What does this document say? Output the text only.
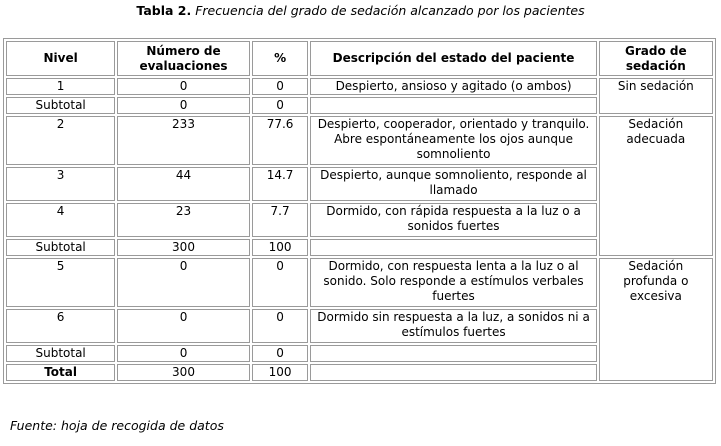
Tabla 2. Frecuencia del grado de sedación alcanzado por los pacientes
Nivel	Número de evaluaciones	%	Descripción del estado del paciente	Grado de sedación
1	0	0	Despierto, ansioso y agitado (o ambos)	Sin sedación
Subtotal	0	0		
2	233	77.6	Despierto, cooperador, orientado y tranquilo. Abre espontáneamente los ojos aunque somnoliento	Sedación adecuada
3	44	14.7	Despierto, aunque somnoliento, responde al llamado	
4	23	7.7	Dormido, con rápida respuesta a la luz o a sonidos fuertes	
Subtotal	300	100		
5	0	0	Dormido, con respuesta lenta a la luz o al sonido. Solo responde a estímulos verbales fuertes	Sedación profunda o excesiva
6	0	0	Dormido sin respuesta a la luz, a sonidos ni a estímulos fuertes	
Subtotal	0	0		
Total	300	100		
Fuente: hoja de recogida de datos
